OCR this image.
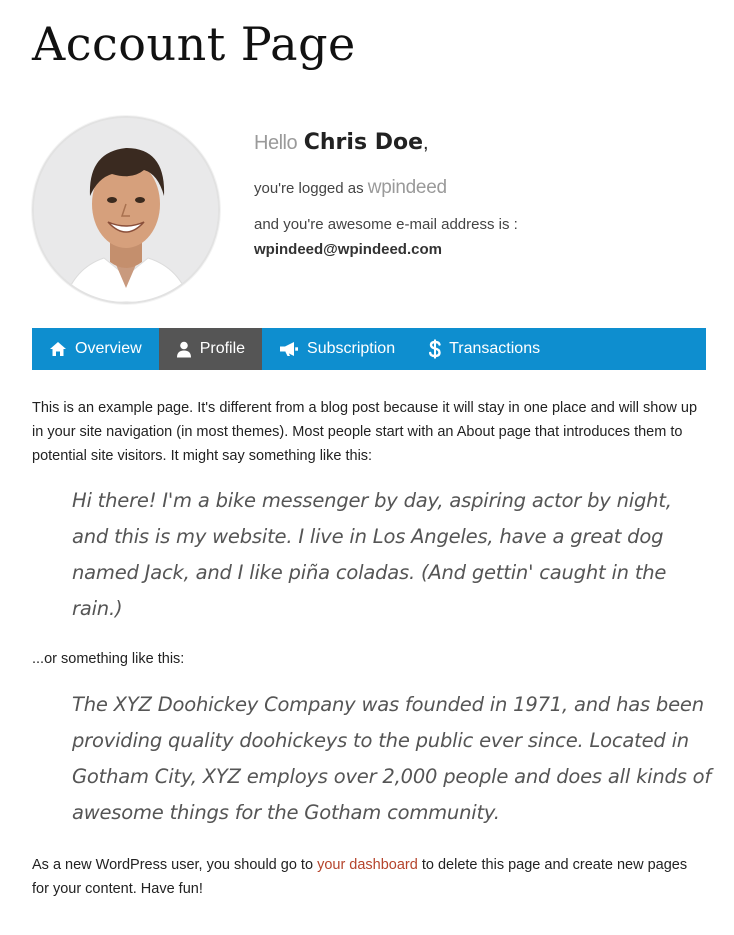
Account Page

Hello Chris Doe,

you're logged as wpindeed
and you're awesome e-mail address is :
wpindeed@wpindeed.com
Overview	Profile	Subscription	Transactions

This is an example page. It's different from a blog post because it will stay in one place and will show up in your site navigation (in most themes). Most people start with an About page that introduces them to potential site visitors. It might say something like this:

Hi there! I'm a bike messenger by day, aspiring actor by night, and this is my website. I live in Los Angeles, have a great dog named Jack, and I like piña coladas. (And gettin' caught in the rain.)

...or something like this:

The XYZ Doohickey Company was founded in 1971, and has been providing quality doohickeys to the public ever since. Located in Gotham City, XYZ employs over 2,000 people and does all kinds of awesome things for the Gotham community.

As a new WordPress user, you should go to your dashboard to delete this page and create new pages for your content. Have fun!
